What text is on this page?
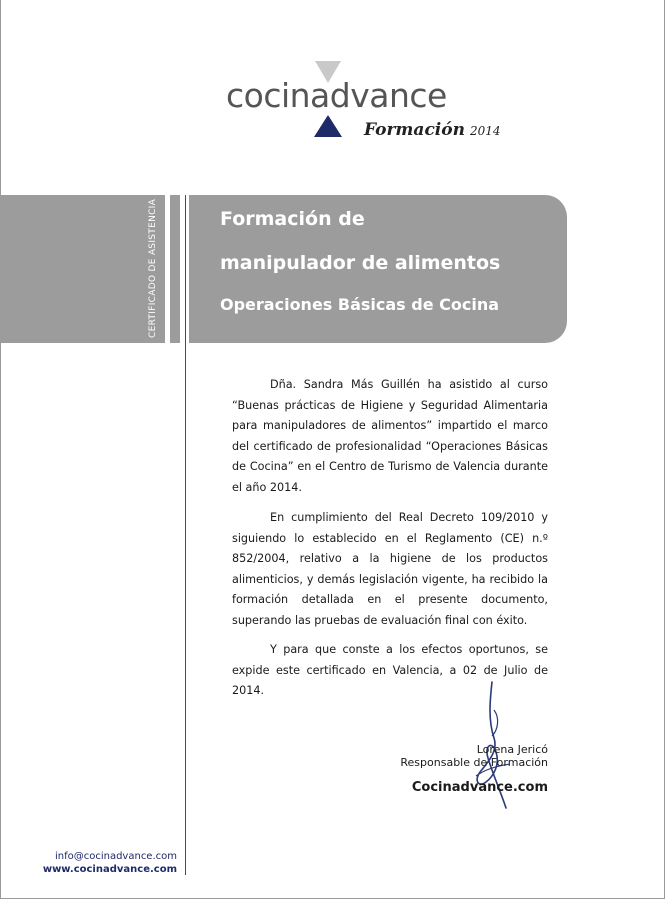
cocinadvance
Formación 2014
CERTIFICADO DE ASISTENCIA	Formación de
manipulador de alimentos
Operaciones Básicas de Cocina
Dña. Sandra Más Guillén ha asistido al curso “Buenas prácticas de Higiene y Seguridad Alimentaria para manipuladores de alimentos” impartido el marco del certificado de profesionalidad “Operaciones Básicas de Cocina” en el Centro de Turismo de Valencia durante el año 2014.
En cumplimiento del Real Decreto 109/2010 y siguiendo lo establecido en el Reglamento (CE) n.º 852/2004, relativo a la higiene de los productos alimenticios, y demás legislación vigente, ha recibido la formación detallada en el presente documento, superando las pruebas de evaluación final con éxito.
Y para que conste a los efectos oportunos, se expide este certificado en Valencia, a 02 de Julio de 2014.
Lorena Jericó
Responsable de Formación
Cocinadvance.com
info@cocinadvance.com
www.cocinadvance.com
